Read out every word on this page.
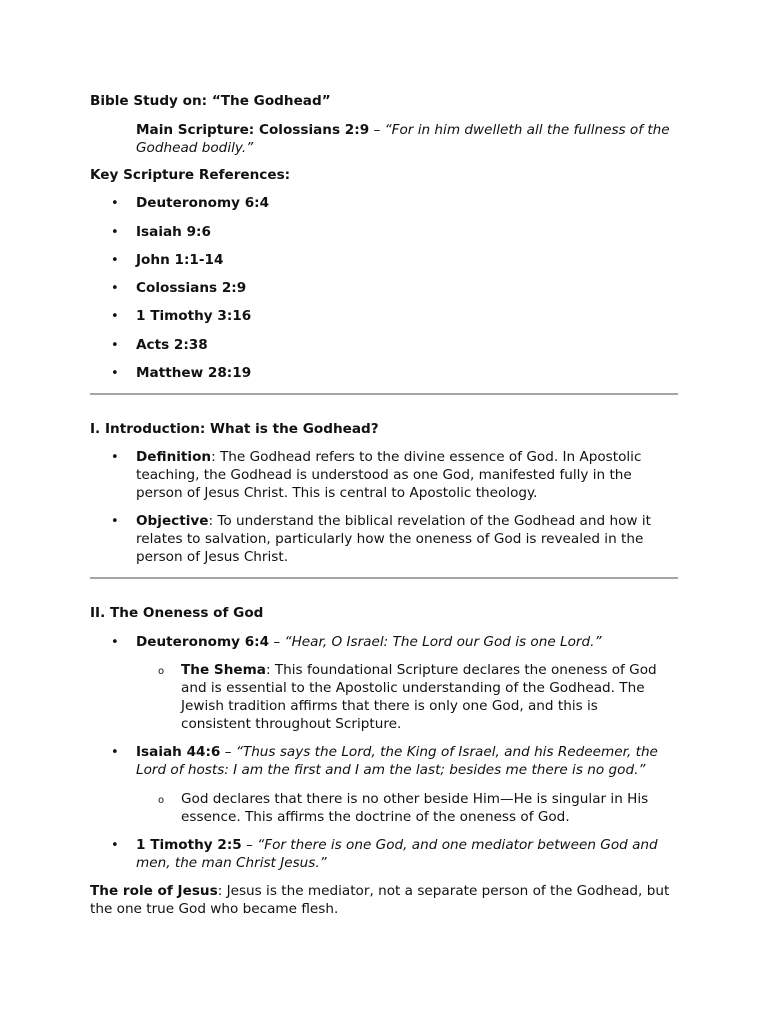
Bible Study on: “The Godhead”
Main Scripture: Colossians 2:9 – “For in him dwelleth all the fullness of the Godhead bodily.”
Key Scripture References:
• Deuteronomy 6:4
• Isaiah 9:6
• John 1:1-14
• Colossians 2:9
• 1 Timothy 3:16
• Acts 2:38
• Matthew 28:19
I. Introduction: What is the Godhead?
• Definition: The Godhead refers to the divine essence of God. In Apostolic teaching, the Godhead is understood as one God, manifested fully in the person of Jesus Christ. This is central to Apostolic theology.
• Objective: To understand the biblical revelation of the Godhead and how it relates to salvation, particularly how the oneness of God is revealed in the person of Jesus Christ.
II. The Oneness of God
• Deuteronomy 6:4 – “Hear, O Israel: The Lord our God is one Lord.”
o The Shema: This foundational Scripture declares the oneness of God and is essential to the Apostolic understanding of the Godhead. The Jewish tradition affirms that there is only one God, and this is consistent throughout Scripture.
• Isaiah 44:6 – “Thus says the Lord, the King of Israel, and his Redeemer, the Lord of hosts: I am the first and I am the last; besides me there is no god.”
o God declares that there is no other beside Him—He is singular in His essence. This affirms the doctrine of the oneness of God.
• 1 Timothy 2:5 – “For there is one God, and one mediator between God and men, the man Christ Jesus.”
The role of Jesus: Jesus is the mediator, not a separate person of the Godhead, but the one true God who became flesh.
